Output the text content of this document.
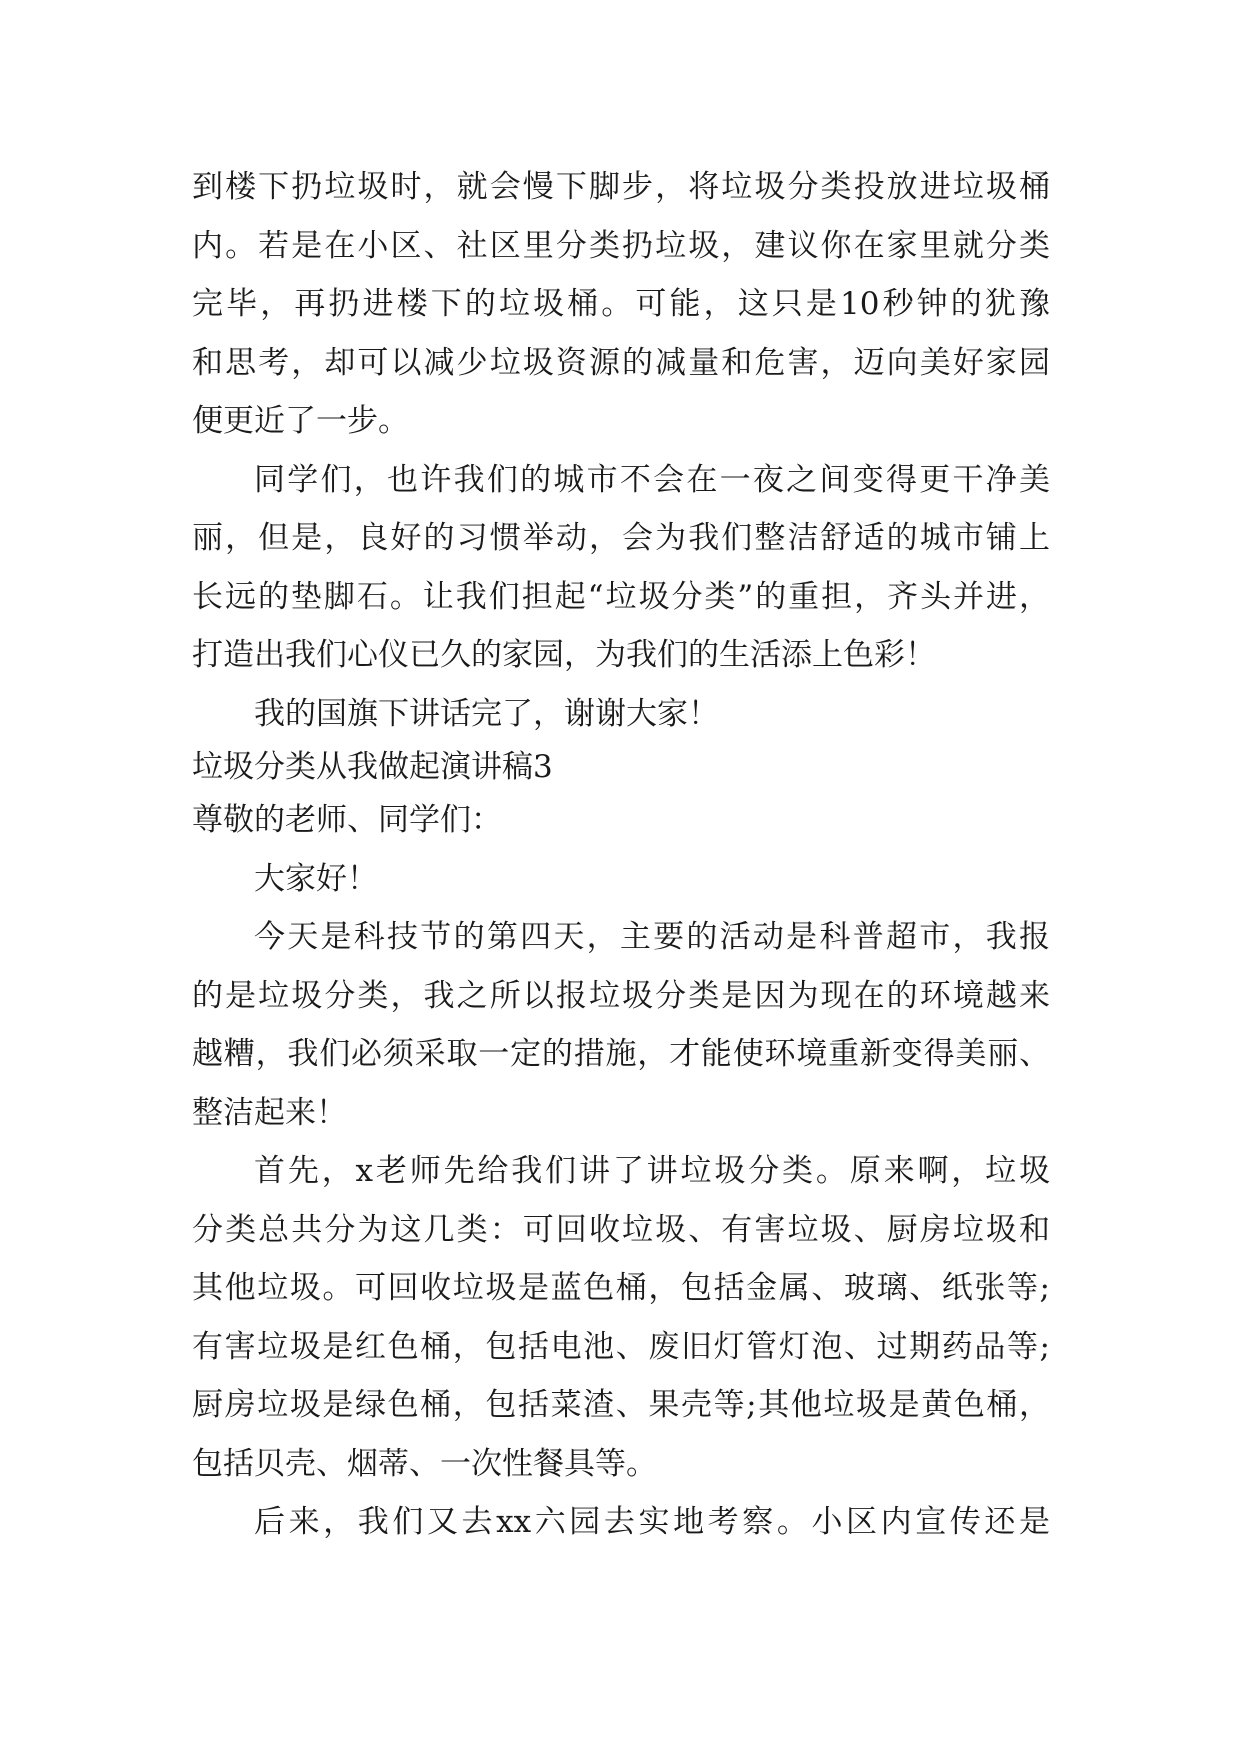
到楼下扔垃圾时，就会慢下脚步，将垃圾分类投放进垃圾桶
内。若是在小区、社区里分类扔垃圾，建议你在家里就分类
完毕，再扔进楼下的垃圾桶。可能，这只是10秒钟的犹豫
和思考，却可以减少垃圾资源的减量和危害，迈向美好家园
便更近了一步。
同学们，也许我们的城市不会在一夜之间变得更干净美
丽，但是，良好的习惯举动，会为我们整洁舒适的城市铺上
长远的垫脚石。让我们担起“垃圾分类”的重担，齐头并进，
打造出我们心仪已久的家园，为我们的生活添上色彩！
我的国旗下讲话完了，谢谢大家！
垃圾分类从我做起演讲稿3
尊敬的老师、同学们：
大家好！
今天是科技节的第四天，主要的活动是科普超市，我报
的是垃圾分类，我之所以报垃圾分类是因为现在的环境越来
越糟，我们必须采取一定的措施，才能使环境重新变得美丽、
整洁起来！
首先，x老师先给我们讲了讲垃圾分类。原来啊，垃圾
分类总共分为这几类：可回收垃圾、有害垃圾、厨房垃圾和
其他垃圾。可回收垃圾是蓝色桶，包括金属、玻璃、纸张等;
有害垃圾是红色桶，包括电池、废旧灯管灯泡、过期药品等;
厨房垃圾是绿色桶，包括菜渣、果壳等;其他垃圾是黄色桶，
包括贝壳、烟蒂、一次性餐具等。
后来，我们又去xx六园去实地考察。小区内宣传还是
